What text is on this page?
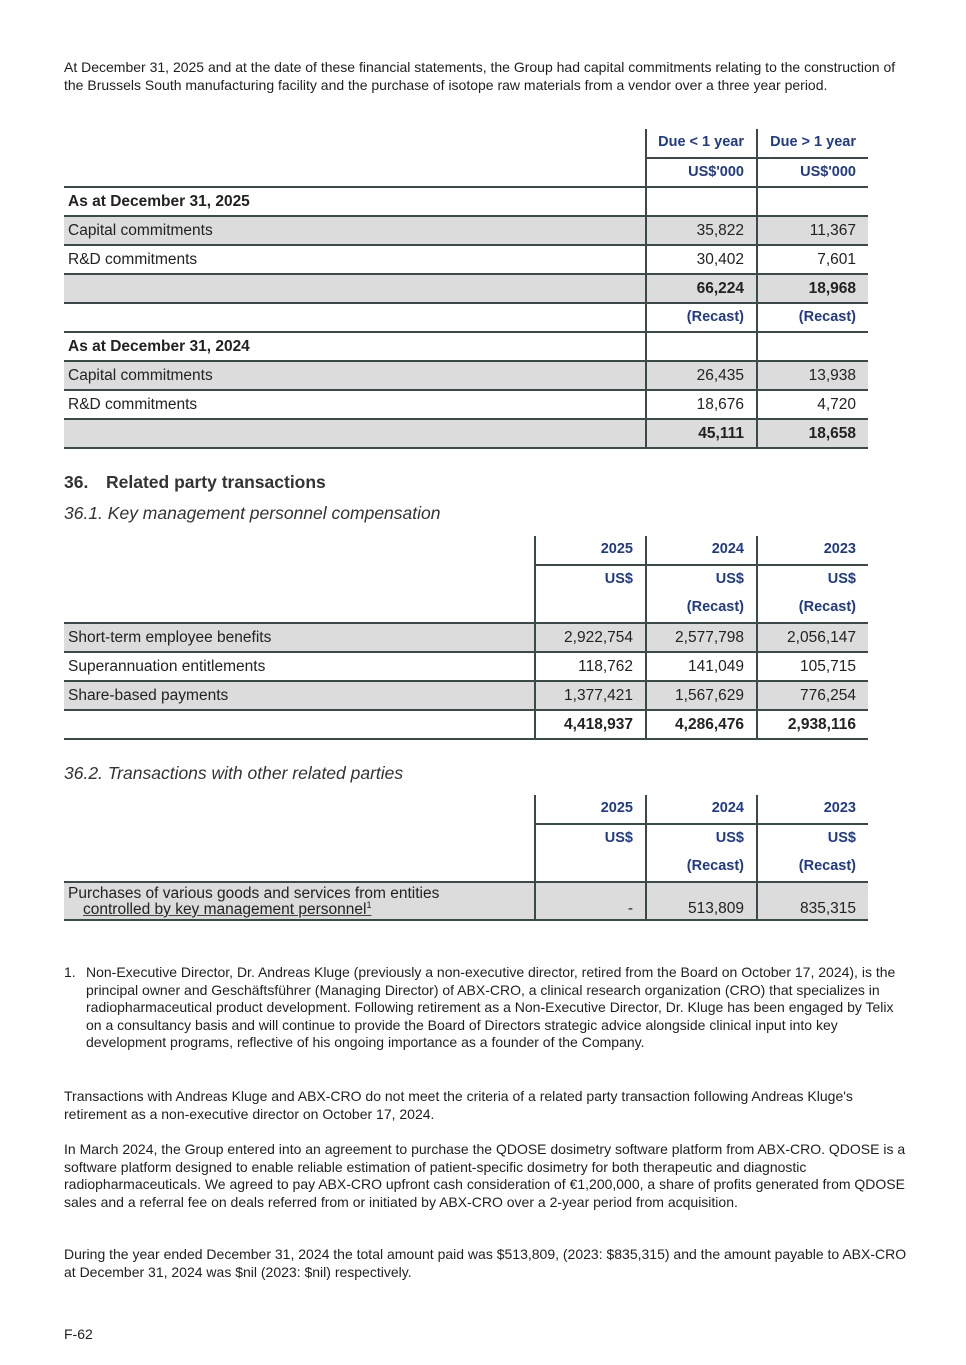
At December 31, 2025 and at the date of these financial statements, the Group had capital commitments relating to the construction of the Brussels South manufacturing facility and the purchase of isotope raw materials from a vendor over a three year period.

	Due < 1 year	Due > 1 year
	US$'000	US$'000
As at December 31, 2025		
Capital commitments	35,822	11,367
R&D commitments	30,402	7,601
	66,224	18,968
	(Recast)	(Recast)
As at December 31, 2024		
Capital commitments	26,435	13,938
R&D commitments	18,676	4,720
	45,111	18,658
36. Related party transactions
36.1. Key management personnel compensation
	2025	2024	2023
	US$	US$	US$
		(Recast)	(Recast)
Short-term employee benefits	2,922,754	2,577,798	2,056,147
Superannuation entitlements	118,762	141,049	105,715
Share-based payments	1,377,421	1,567,629	776,254
	4,418,937	4,286,476	2,938,116
36.2. Transactions with other related parties
	2025	2024	2023
	US$	US$	US$
		(Recast)	(Recast)
Purchases of various goods and services from entities
controlled by key management personnel$^1$	-	513,809	835,315
1. Non-Executive Director, Dr. Andreas Kluge (previously a non-executive director, retired from the Board on October 17, 2024), is the principal owner and Geschäftsführer (Managing Director) of ABX-CRO, a clinical research organization (CRO) that specializes in radiopharmaceutical product development. Following retirement as a Non-Executive Director, Dr. Kluge has been engaged by Telix on a consultancy basis and will continue to provide the Board of Directors strategic advice alongside clinical input into key development programs, reflective of his ongoing importance as a founder of the Company.

Transactions with Andreas Kluge and ABX-CRO do not meet the criteria of a related party transaction following Andreas Kluge's retirement as a non-executive director on October 17, 2024.

In March 2024, the Group entered into an agreement to purchase the QDOSE dosimetry software platform from ABX-CRO. QDOSE is a software platform designed to enable reliable estimation of patient-specific dosimetry for both therapeutic and diagnostic radiopharmaceuticals. We agreed to pay ABX-CRO upfront cash consideration of €1,200,000, a share of profits generated from QDOSE sales and a referral fee on deals referred from or initiated by ABX-CRO over a 2-year period from acquisition.

During the year ended December 31, 2024 the total amount paid was $513,809, (2023: $835,315) and the amount payable to ABX-CRO at December 31, 2024 was $nil (2023: $nil) respectively.

F-62
